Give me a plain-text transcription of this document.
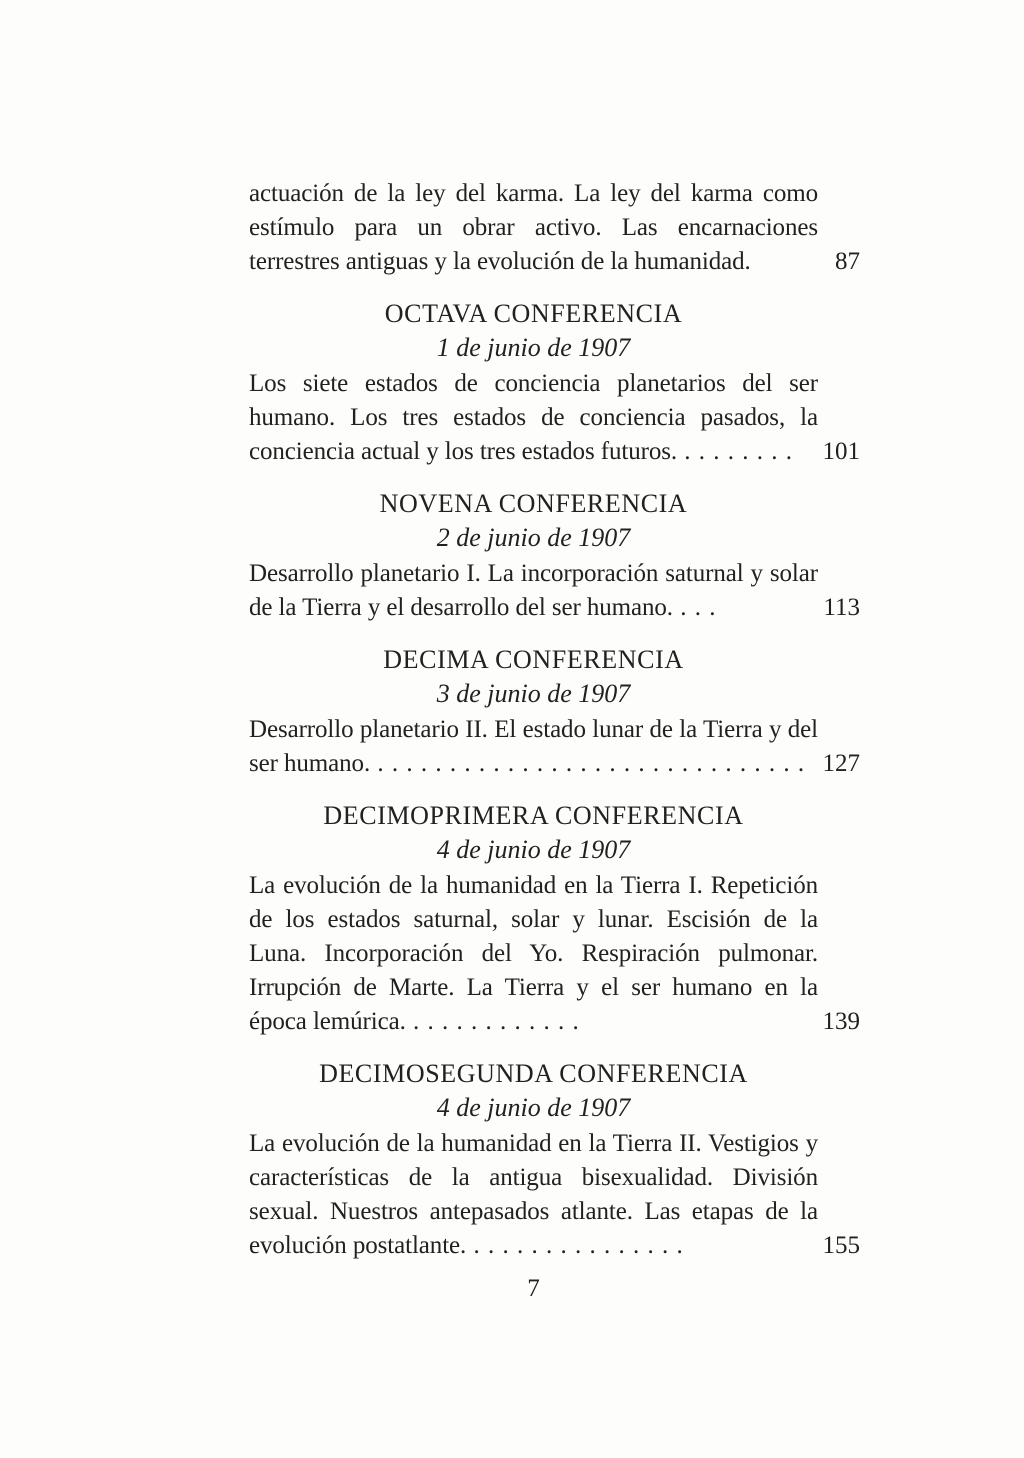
actuación de la ley del karma. La ley del karma como estímulo para un obrar activo. Las encarnaciones terrestres antiguas y la evolución de la humanidad.	87

OCTAVA CONFERENCIA

1 de junio de 1907

Los siete estados de conciencia planetarios del ser humano. Los tres estados de conciencia pasados, la conciencia actual y los tres estados futuros. . . . . . . . . 101

NOVENA CONFERENCIA

2 de junio de 1907

Desarrollo planetario I. La incorporación saturnal y solar de la Tierra y el desarrollo del ser humano. . . .	113

DECIMA CONFERENCIA

3 de junio de 1907

Desarrollo planetario II. El estado lunar de la Tierra y del ser humano. . . . . . . . . . . . . . . . . . . . . . . . . . . . . . . 127

DECIMOPRIMERA CONFERENCIA

4 de junio de 1907

La evolución de la humanidad en la Tierra I. Repetición de los estados saturnal, solar y lunar. Escisión de la Luna. Incorporación del Yo. Respiración pulmonar. Irrupción de Marte. La Tierra y el ser humano en la época lemúrica. . . . . . . . . . . . .	139

DECIMOSEGUNDA CONFERENCIA

4 de junio de 1907

La evolución de la humanidad en la Tierra II. Vestigios y características de la antigua bisexualidad. División sexual. Nuestros antepasados atlante. Las etapas de la evolución postatlante. . . . . . . . . . . . . . . .	155

7
